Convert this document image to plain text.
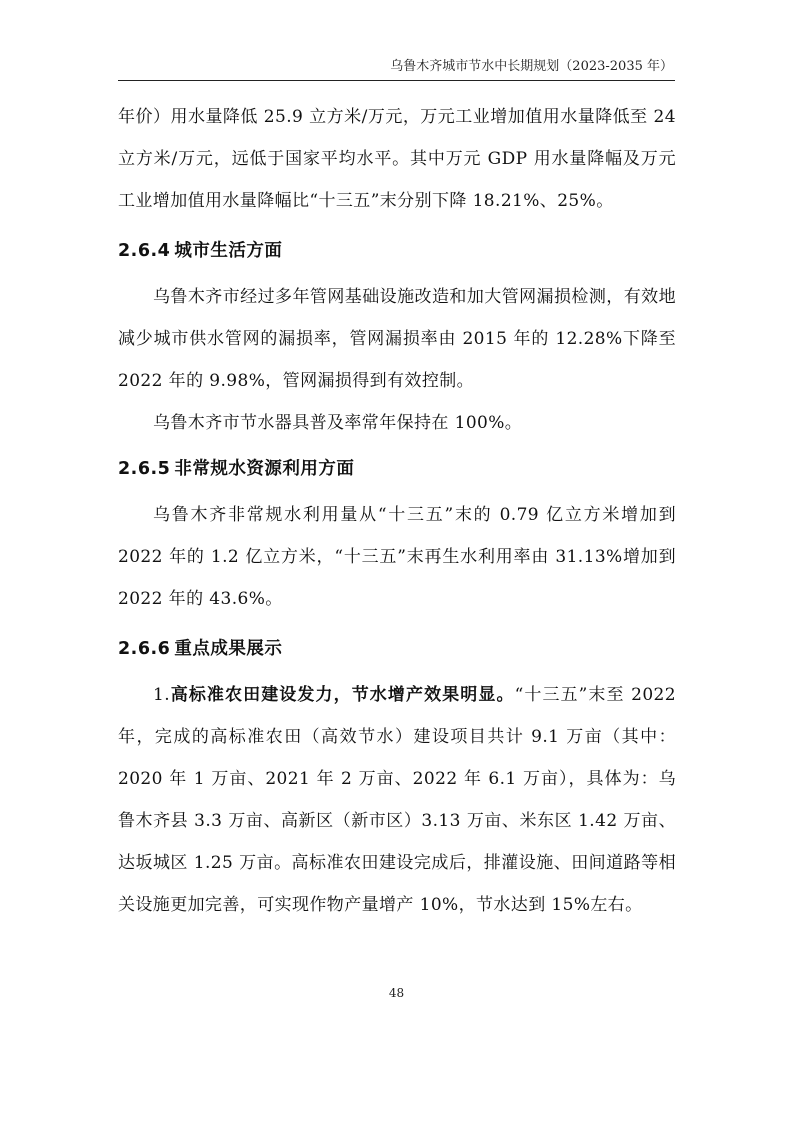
乌鲁木齐城市节水中长期规划（2023-2035 年）

年价）用水量降低 25.9 立方米/万元，万元工业增加值用水量降低至 24 立方米/万元，远低于国家平均水平。其中万元 GDP 用水量降幅及万元工业增加值用水量降幅比“十三五”末分别下降 18.21%、25%。

2.6.4 城市生活方面

乌鲁木齐市经过多年管网基础设施改造和加大管网漏损检测，有效地减少城市供水管网的漏损率，管网漏损率由 2015 年的 12.28%下降至 2022 年的 9.98%，管网漏损得到有效控制。

乌鲁木齐市节水器具普及率常年保持在 100%。

2.6.5 非常规水资源利用方面

乌鲁木齐非常规水利用量从“十三五”末的 0.79 亿立方米增加到 2022 年的 1.2 亿立方米，“十三五”末再生水利用率由 31.13%增加到 2022 年的 43.6%。

2.6.6 重点成果展示

1.高标准农田建设发力，节水增产效果明显。“十三五”末至 2022 年，完成的高标准农田（高效节水）建设项目共计 9.1 万亩（其中：2020 年 1 万亩、2021 年 2 万亩、2022 年 6.1 万亩），具体为：乌鲁木齐县 3.3 万亩、高新区（新市区）3.13 万亩、米东区 1.42 万亩、达坂城区 1.25 万亩。高标准农田建设完成后，排灌设施、田间道路等相关设施更加完善，可实现作物产量增产 10%，节水达到 15%左右。

48
